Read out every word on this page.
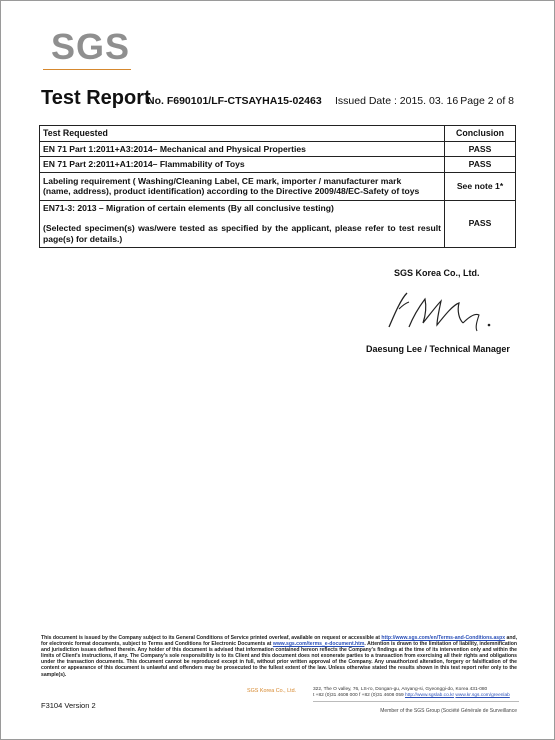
SGS
Test Report
No. F690101/LF-CTSAYHA15-02463 Issued Date : 2015. 03. 16 Page 2 of 8
Test Requested	Conclusion
EN 71 Part 1:2011+A3:2014– Mechanical and Physical Properties	PASS
EN 71 Part 2:2011+A1:2014– Flammability of Toys	PASS

Labeling requirement ( Washing/Cleaning Label, CE mark, importer / manufacturer mark
(name, address), product identification) according to the Directive 2009/48/EC-Safety of toys	See note 1*

EN71-3: 2013 – Migration of certain elements (By all conclusive testing)
(Selected specimen(s) was/were tested as specified by the applicant, please refer to test result page(s) for details.)	PASS
SGS Korea Co., Ltd.
Daesung Lee / Technical Manager
This document is issued by the Company subject to its General Conditions of Service printed overleaf, available on request or accessible at http://www.sgs.com/en/Terms-and-Conditions.aspx and, for electronic format documents, subject to Terms and Conditions for Electronic Documents at www.sgs.com/terms_e-document.htm. Attention is drawn to the limitation of liability, indemnification and jurisdiction issues defined therein. Any holder of this document is advised that information contained hereon reflects the Company's findings at the time of its intervention only and within the limits of Client's instructions, if any. The Company's sole responsibility is to its Client and this document does not exonerate parties to a transaction from exercising all their rights and obligations under the transaction documents. This document cannot be reproduced except in full, without prior written approval of the Company. Any unauthorized alteration, forgery or falsification of the content or appearance of this document is unlawful and offenders may be prosecuted to the fullest extent of the law. Unless otherwise stated the results shown in this test report refer only to the sample(s).
F3104 Version 2
SGS Korea Co., Ltd.	322, The O valley, 76, LS-ro, Dongan-gu, Anyang-si, Gyeonggi-do, Korea 431-080
t +82 (0)31 4608 000 f +82 (0)31 4608 059 http://www.sgslab.co.kr www.kr.sgs.com/greenlab
Member of the SGS Group (Société Générale de Surveillance
